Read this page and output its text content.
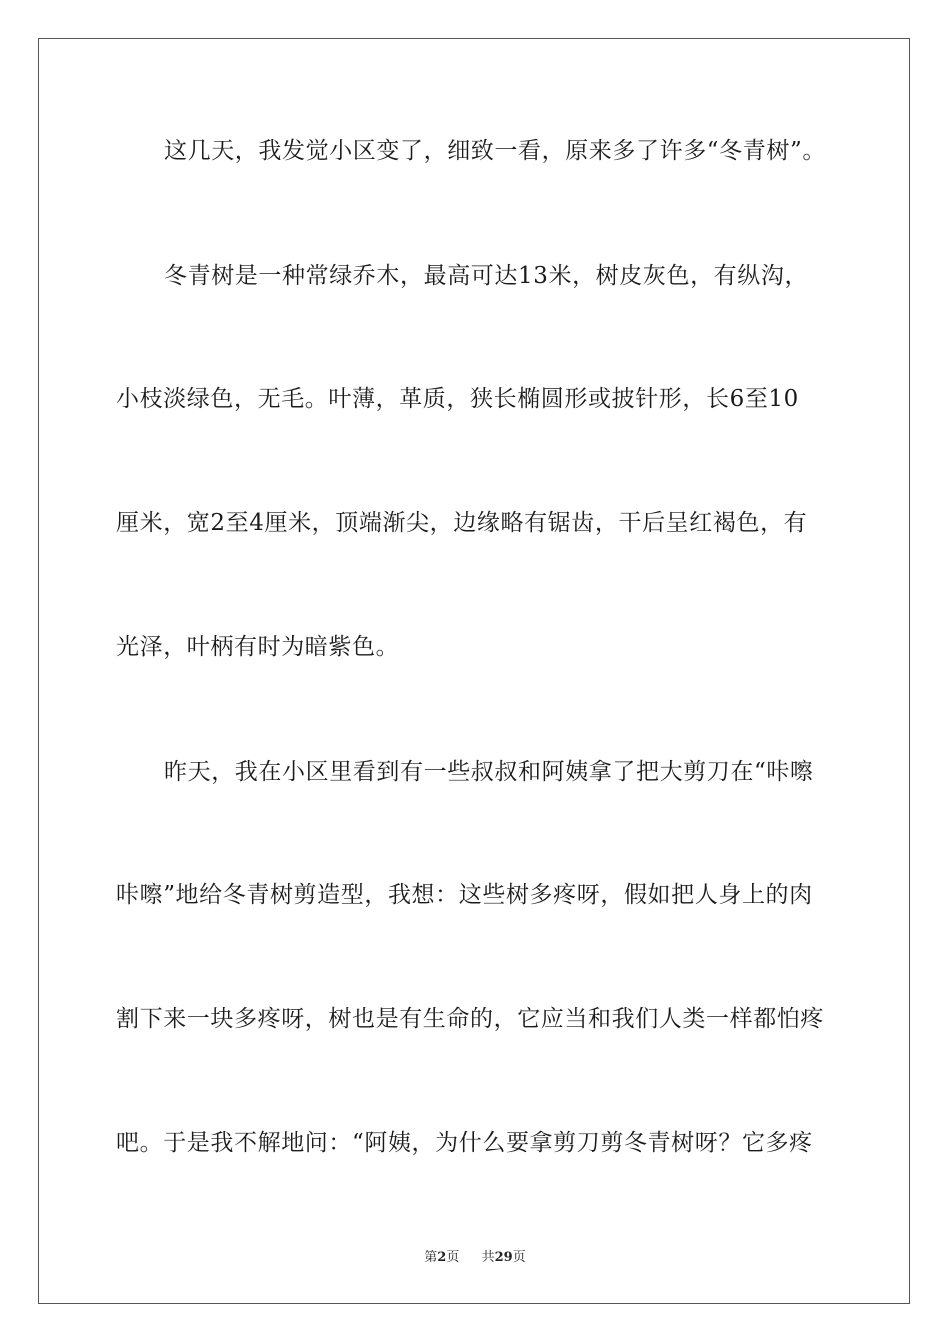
这几天，我发觉小区变了，细致一看，原来多了许多“冬青树”。
冬青树是一种常绿乔木，最高可达13米，树皮灰色，有纵沟，
小枝淡绿色，无毛。叶薄，革质，狭长椭圆形或披针形，长6至10
厘米，宽2至4厘米，顶端渐尖，边缘略有锯齿，干后呈红褐色，有
光泽，叶柄有时为暗紫色。
昨天，我在小区里看到有一些叔叔和阿姨拿了把大剪刀在“咔嚓
咔嚓”地给冬青树剪造型，我想：这些树多疼呀，假如把人身上的肉
割下来一块多疼呀，树也是有生命的，它应当和我们人类一样都怕疼
吧。于是我不解地问：“阿姨，为什么要拿剪刀剪冬青树呀？它多疼
第2页 共29页
